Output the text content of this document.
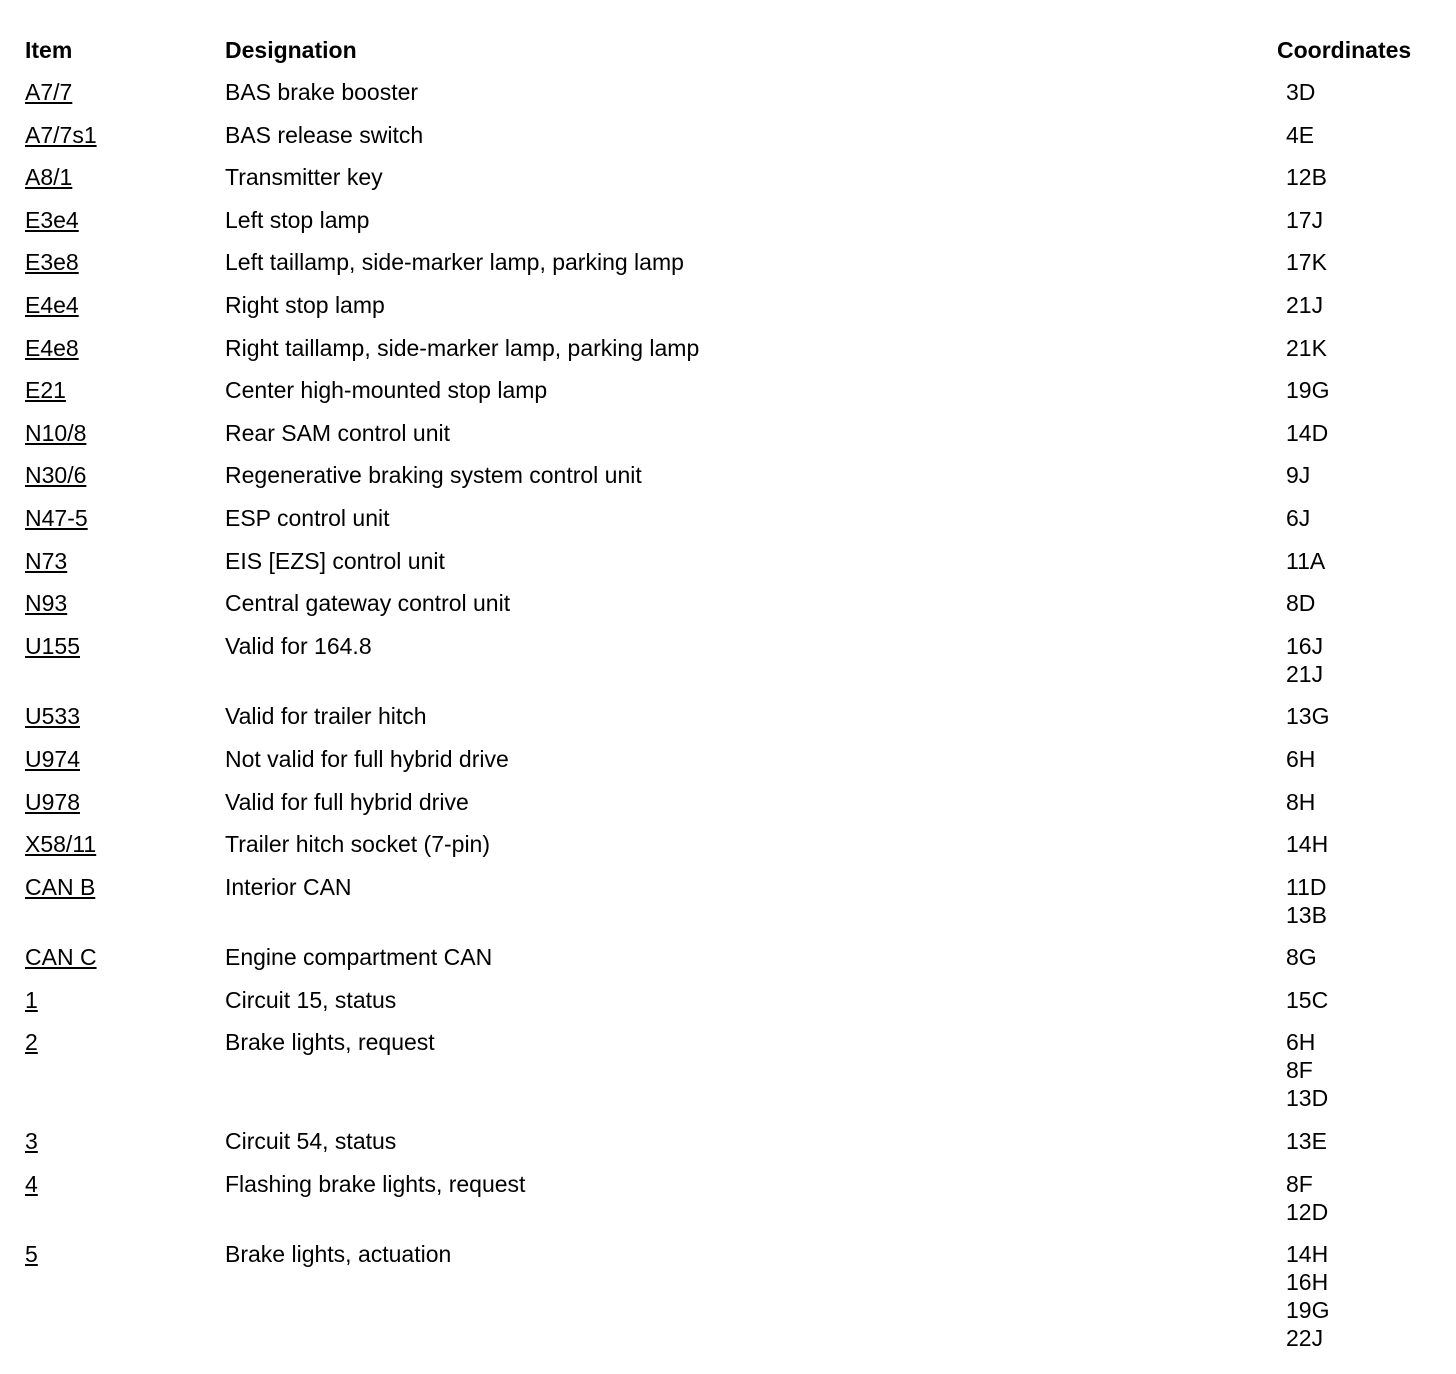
Item	Designation	Coordinates
A7/7	BAS brake booster	3D
A7/7s1	BAS release switch	4E
A8/1	Transmitter key	12B
E3e4	Left stop lamp	17J
E3e8	Left taillamp, side-marker lamp, parking lamp	17K
E4e4	Right stop lamp	21J
E4e8	Right taillamp, side-marker lamp, parking lamp	21K
E21	Center high-mounted stop lamp	19G
N10/8	Rear SAM control unit	14D
N30/6	Regenerative braking system control unit	9J
N47-5	ESP control unit	6J
N73	EIS [EZS] control unit	11A
N93	Central gateway control unit	8D
U155	Valid for 164.8	16J
21J
U533	Valid for trailer hitch	13G
U974	Not valid for full hybrid drive	6H
U978	Valid for full hybrid drive	8H
X58/11	Trailer hitch socket (7-pin)	14H
CAN B	Interior CAN	11D
13B
CAN C	Engine compartment CAN	8G
1	Circuit 15, status	15C
2	Brake lights, request	6H
8F
13D
3	Circuit 54, status	13E
4	Flashing brake lights, request	8F
12D
5	Brake lights, actuation	14H
16H
19G
22J
